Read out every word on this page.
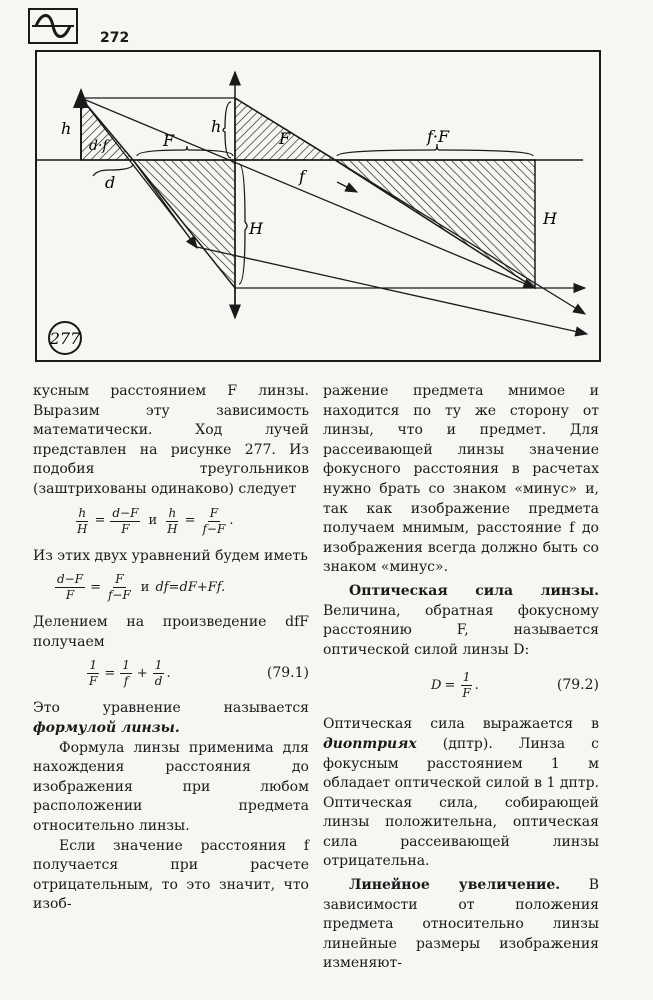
272
h	h
d·f	F	F
d	f
f·F
H
H
277

кусным расстоянием F линзы. Выразим эту зависимость математически. Ход лучей представлен на рисунке 277. Из подобия треугольников (заштрихованы одинаково) следует

$\frac{h}{H} = \frac{d-F}{F}$ и $\frac{h}{H} = \frac{F}{f-F}$ .

Из этих двух уравнений будем иметь

$\frac{d-F}{F} = \frac{F}{f-F}$ и df=dF+Ff.

Делением на произведение dfF получаем

$\frac{1}{F} = \frac{1}{f} + \frac{1}{d}$ .	(79.1)

Это уравнение называется формулой линзы.

Формула линзы применима для нахождения расстояния до изображения при любом расположении предмета относительно линзы.

Если значение расстояния f получается при расчете отрицательным, то это значит, что изоб-

ражение предмета мнимое и находится по ту же сторону от линзы, что и предмет. Для рассеивающей линзы значение фокусного расстояния в расчетах нужно брать со знаком «минус» и, так как изображение предмета получаем мнимым, расстояние f до изображения всегда должно быть со знаком «минус».

Оптическая сила линзы. Величина, обратная фокусному расстоянию F, называется оптической силой линзы D:

$D = \frac{1}{F}$ .	(79.2)

Оптическая сила выражается в диоптриях (дптр). Линза с фокусным расстоянием 1 м обладает оптической силой в 1 дптр. Оптическая сила, собирающей линзы положительна, оптическая сила рассеивающей линзы отрицательна.

Линейное увеличение. В зависимости от положения предмета относительно линзы линейные размеры изображения изменяют-
